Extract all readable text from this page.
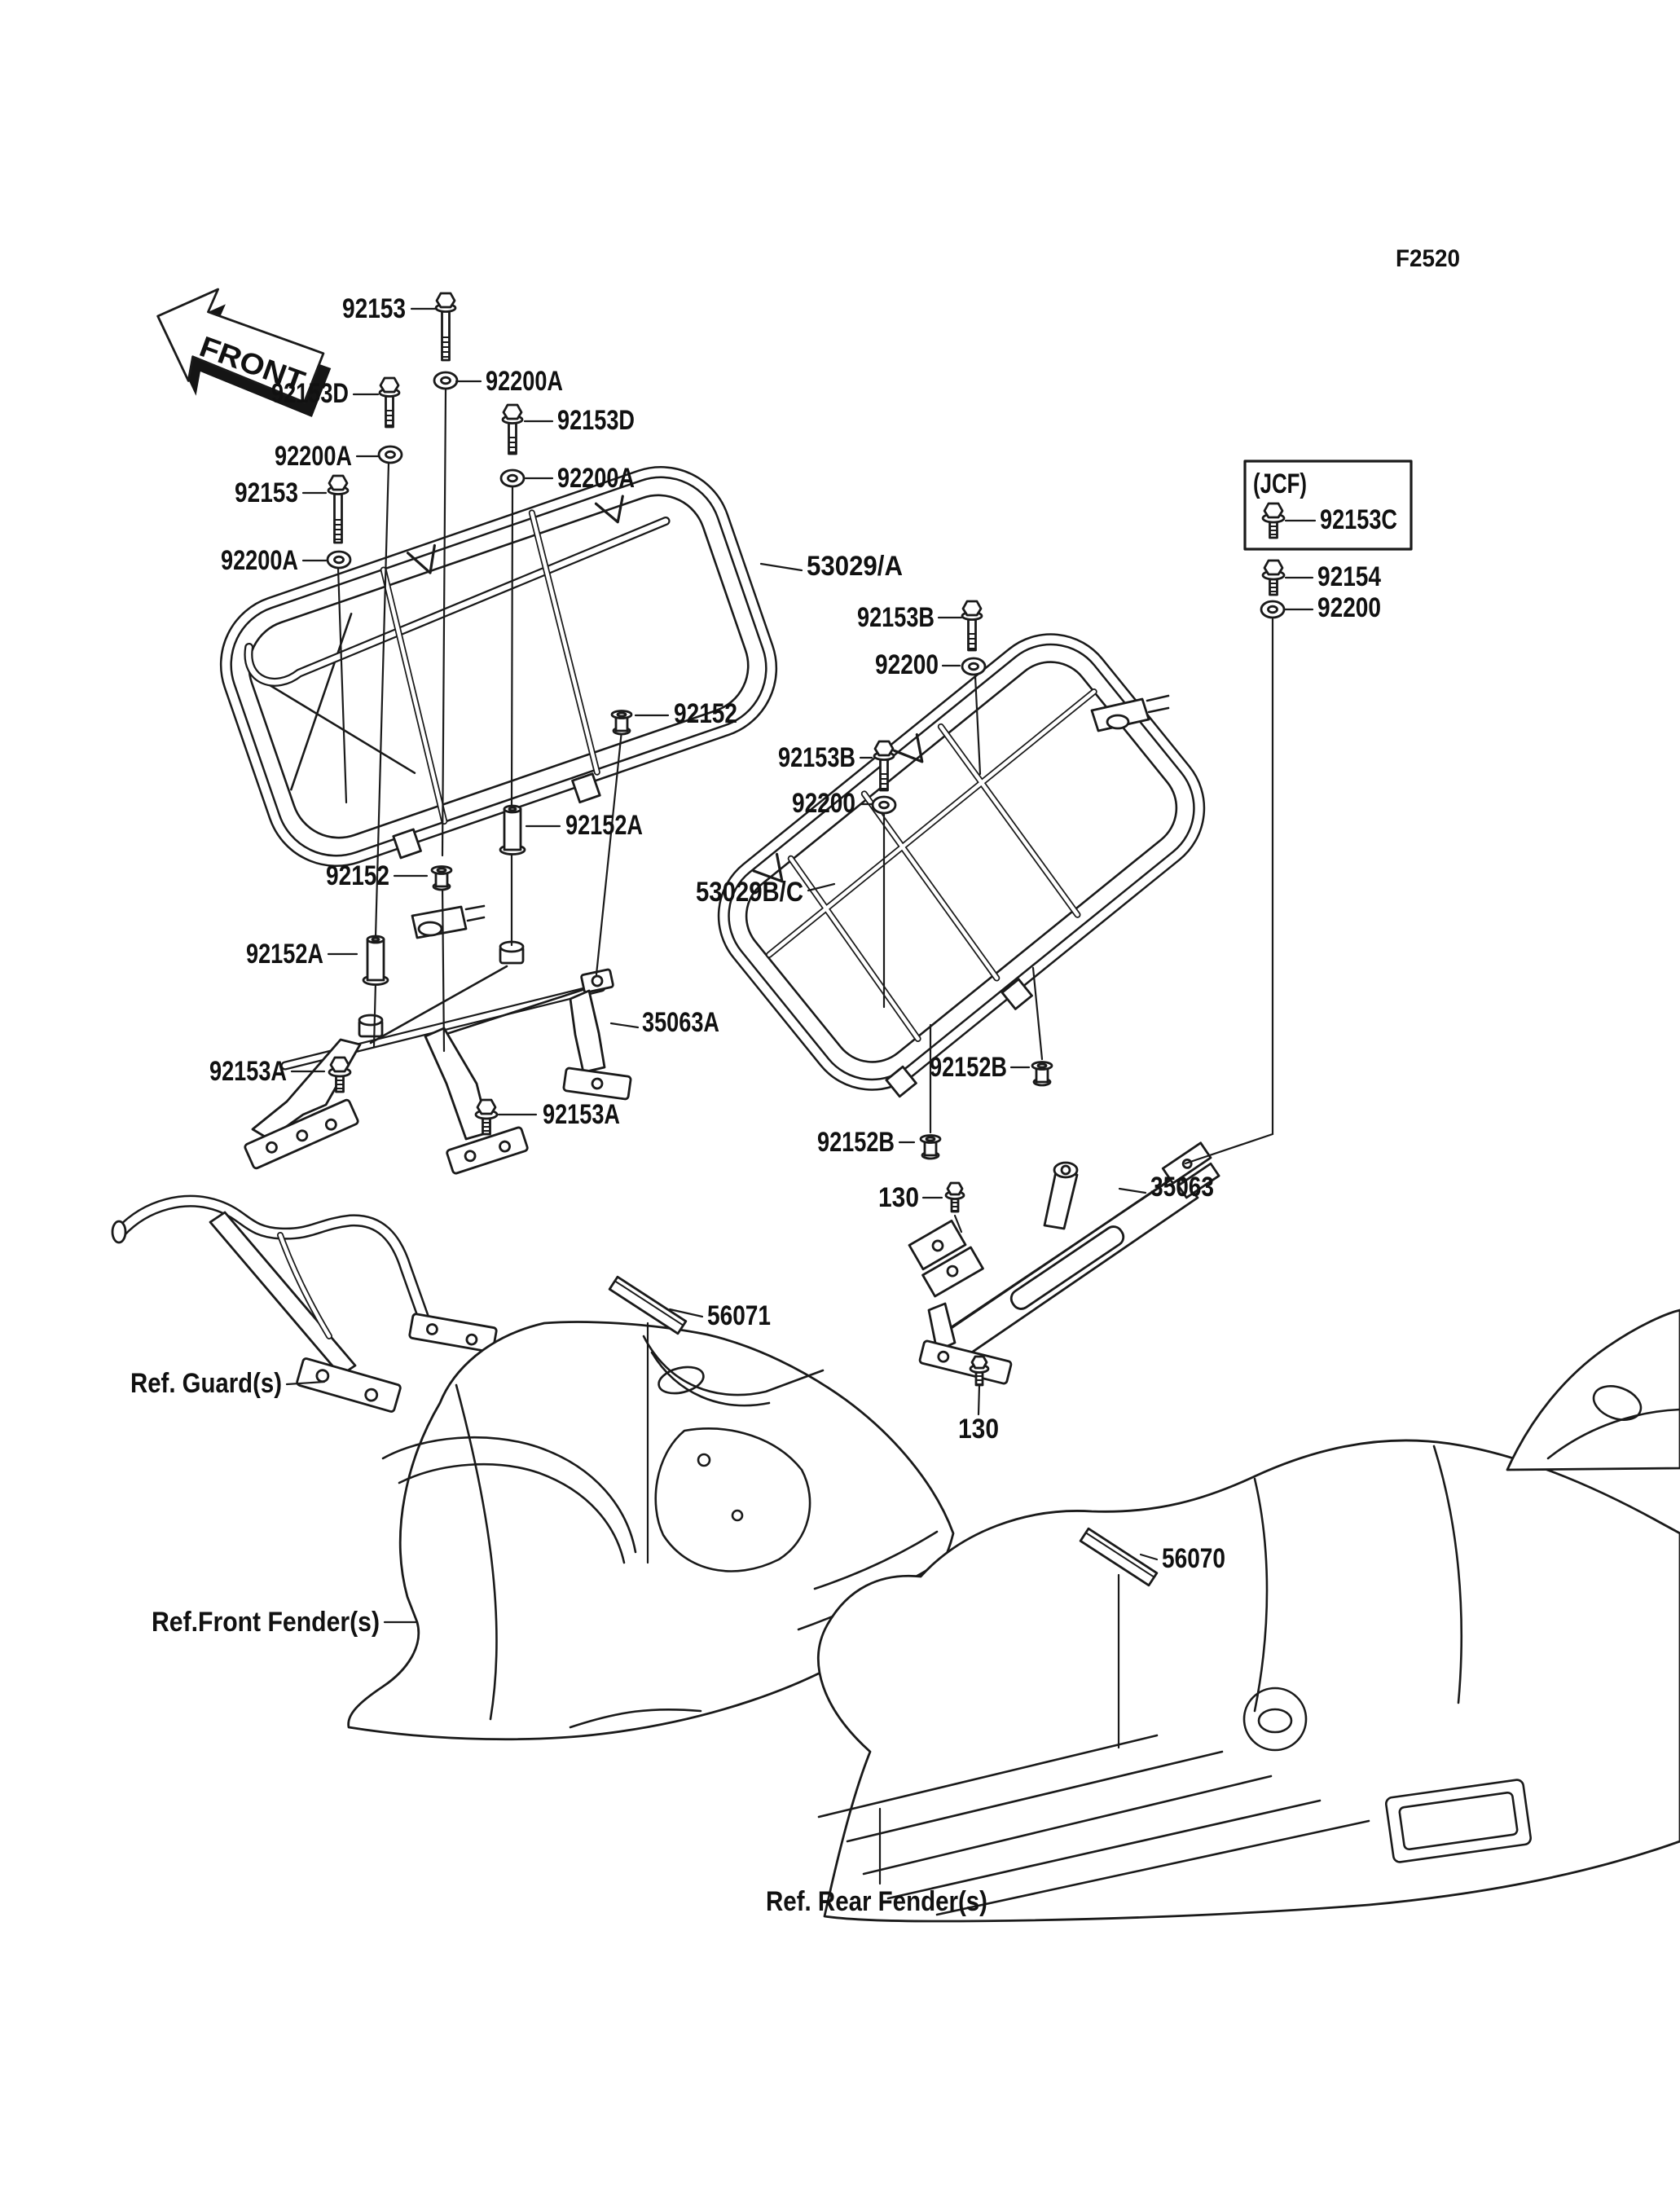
FRONT
F2520
(JCF)
92153
92200A
92153D
92200A
92153
92200A
92153D
92200A
53029/A
92152
92152A
92152
92152A
35063A
92153A
92153A
56071
92153C
92154
92200
92153B
92200
92153B
92200
53029B/C
92152B
92152B
130	35063
130
56070
Ref. Guard(s)
Ref.Front Fender(s)
Ref. Rear Fender(s)
